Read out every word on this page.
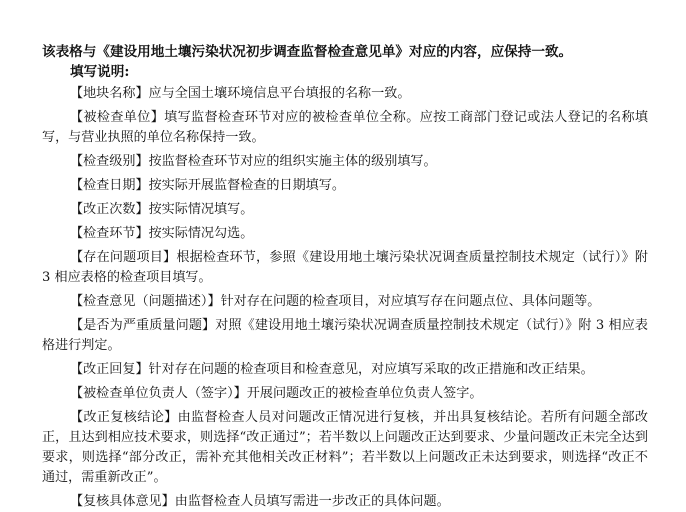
该表格与《建设用地土壤污染状况初步调查监督检查意见单》对应的内容，应保持一致。
填写说明:

【地块名称】应与全国土壤环境信息平台填报的名称一致。

【被检查单位】填写监督检查环节对应的被检查单位全称。应按工商部门登记或法人登记的名称填写，与营业执照的单位名称保持一致。

【检查级别】按监督检查环节对应的组织实施主体的级别填写。

【检查日期】按实际开展监督检查的日期填写。

【改正次数】按实际情况填写。

【检查环节】按实际情况勾选。

【存在问题项目】根据检查环节，参照《建设用地土壤污染状况调查质量控制技术规定（试行）》附 3 相应表格的检查项目填写。

【检查意见（问题描述）】针对存在问题的检查项目，对应填写存在问题点位、具体问题等。

【是否为严重质量问题】对照《建设用地土壤污染状况调查质量控制技术规定（试行）》附 3 相应表格进行判定。

【改正回复】针对存在问题的检查项目和检查意见，对应填写采取的改正措施和改正结果。

【被检查单位负责人（签字）】开展问题改正的被检查单位负责人签字。

【改正复核结论】由监督检查人员对问题改正情况进行复核，并出具复核结论。若所有问题全部改正，且达到相应技术要求，则选择“改正通过”；若半数以上问题改正达到要求、少量问题改正未完全达到要求，则选择“部分改正，需补充其他相关改正材料”；若半数以上问题改正未达到要求，则选择“改正不通过，需重新改正”。

【复核具体意见】由监督检查人员填写需进一步改正的具体问题。
